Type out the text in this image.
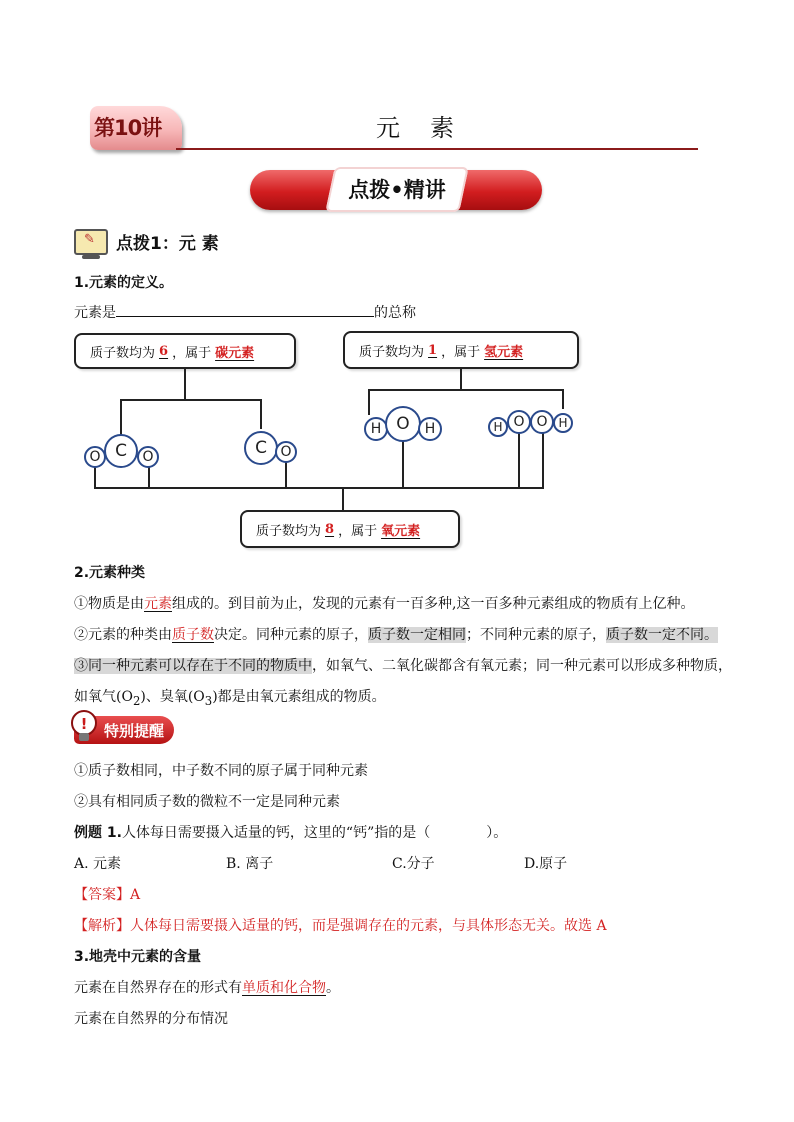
第10讲	元素
点拨•精讲
✎ 点拨1：元 素
1.元素的定义。
元素是	的总称
质子数均为 6 ，属于 碳元素	质子数均为 1 ，属于 氢元素
质子数均为 8 ，属于 氧元素
O C	O	C O
H O	H	H O O H
2.元素种类
①物质是由元素组成的。到目前为止，发现的元素有一百多种,这一百多种元素组成的物质有上亿种。
②元素的种类由质子数决定。同种元素的原子，质子数一定相同；不同种元素的原子，质子数一定不同。
③同一种元素可以存在于不同的物质中，如氧气、二氧化碳都含有氧元素；同一种元素可以形成多种物质，
如氧气$(O_2)$、臭氧$(O_3)$都是由氧元素组成的物质。
! 特别提醒
①质子数相同，中子数不同的原子属于同种元素
②具有相同质子数的微粒不一定是同种元素
例题 1.人体每日需要摄入适量的钙，这里的“钙”指的是（　　　　）。
A. 元素	B. 离子	C.分子	D.原子
【答案】A
【解析】人体每日需要摄入适量的钙，而是强调存在的元素，与具体形态无关。故选 A
3.地壳中元素的含量
元素在自然界存在的形式有单质和化合物。
元素在自然界的分布情况
